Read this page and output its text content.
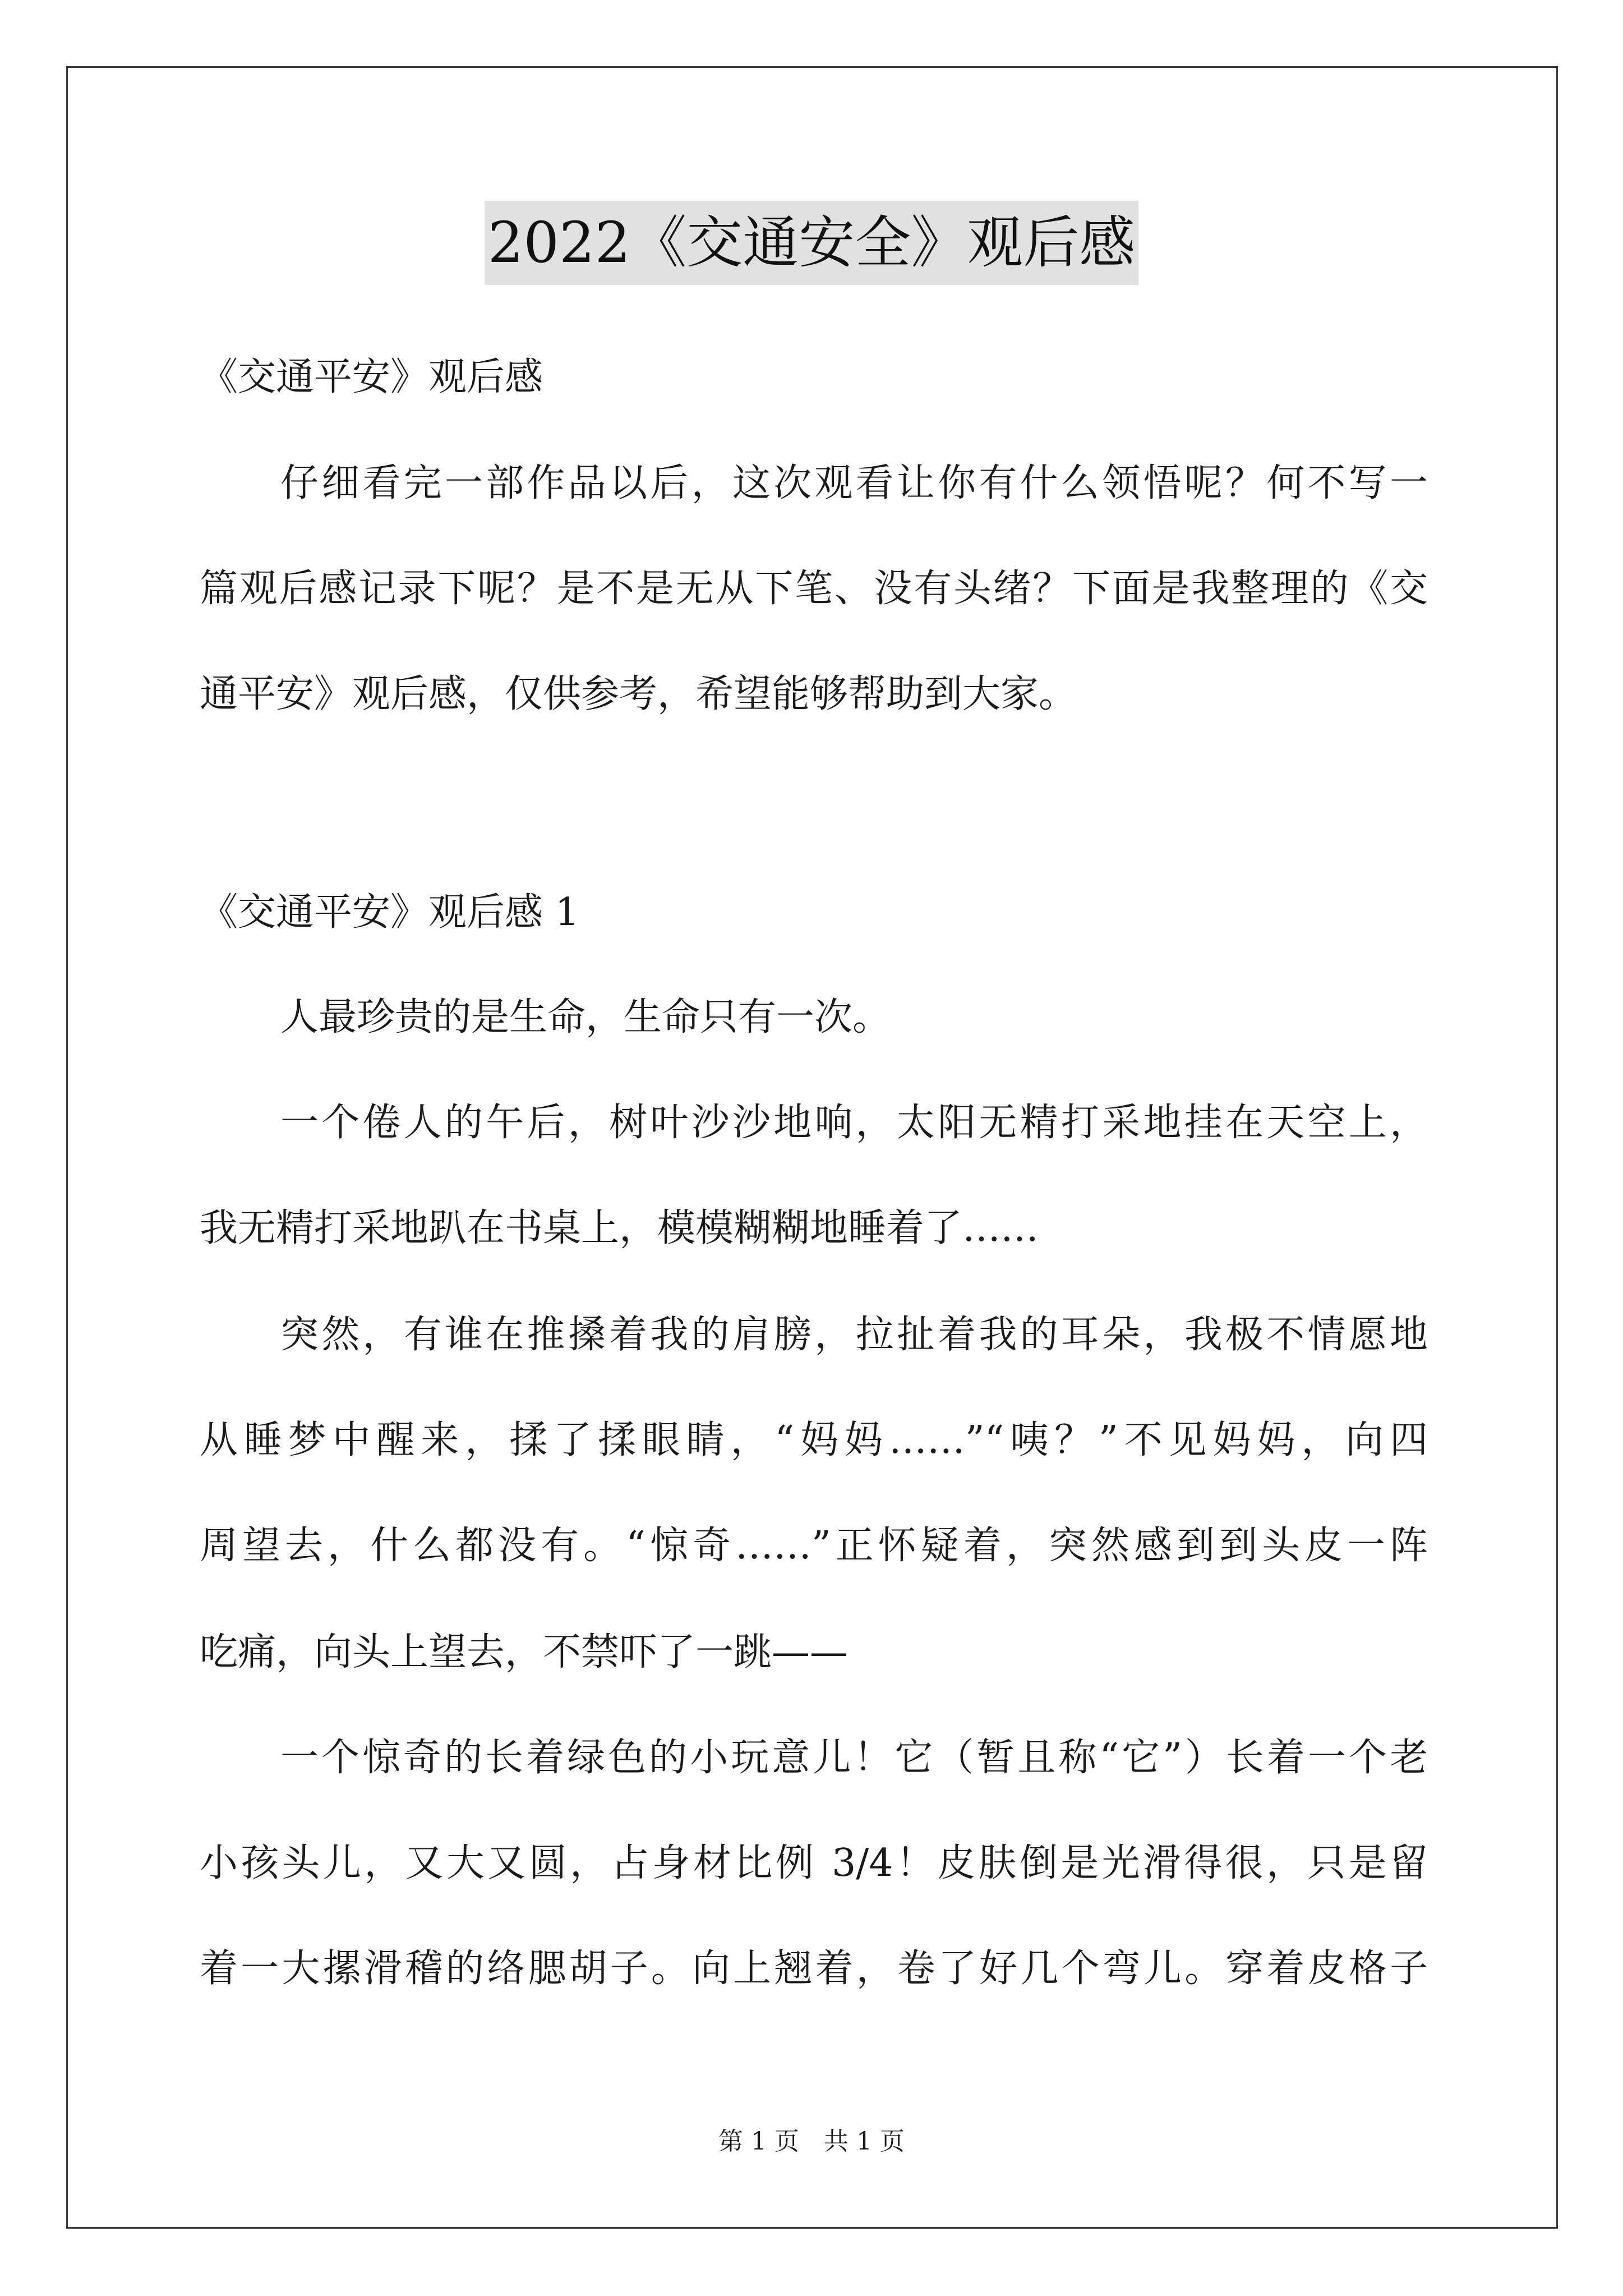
2022《交通安全》观后感
《交通平安》观后感
仔细看完一部作品以后，这次观看让你有什么领悟呢？何不写一
篇观后感记录下呢？是不是无从下笔、没有头绪？下面是我整理的《交
通平安》观后感，仅供参考，希望能够帮助到大家。
《交通平安》观后感 1
人最珍贵的是生命，生命只有一次。
一个倦人的午后，树叶沙沙地响，太阳无精打采地挂在天空上，
我无精打采地趴在书桌上，模模糊糊地睡着了……
突然，有谁在推搡着我的肩膀，拉扯着我的耳朵，我极不情愿地
从睡梦中醒来，揉了揉眼睛，“妈妈……”“咦？”不见妈妈，向四
周望去，什么都没有。“惊奇……”正怀疑着，突然感到到头皮一阵
吃痛，向头上望去，不禁吓了一跳——
一个惊奇的长着绿色的小玩意儿！它（暂且称“它”）长着一个老
小孩头儿，又大又圆，占身材比例 3/4！皮肤倒是光滑得很，只是留
着一大摞滑稽的络腮胡子。向上翘着，卷了好几个弯儿。穿着皮格子
第 1 页　共 1 页
